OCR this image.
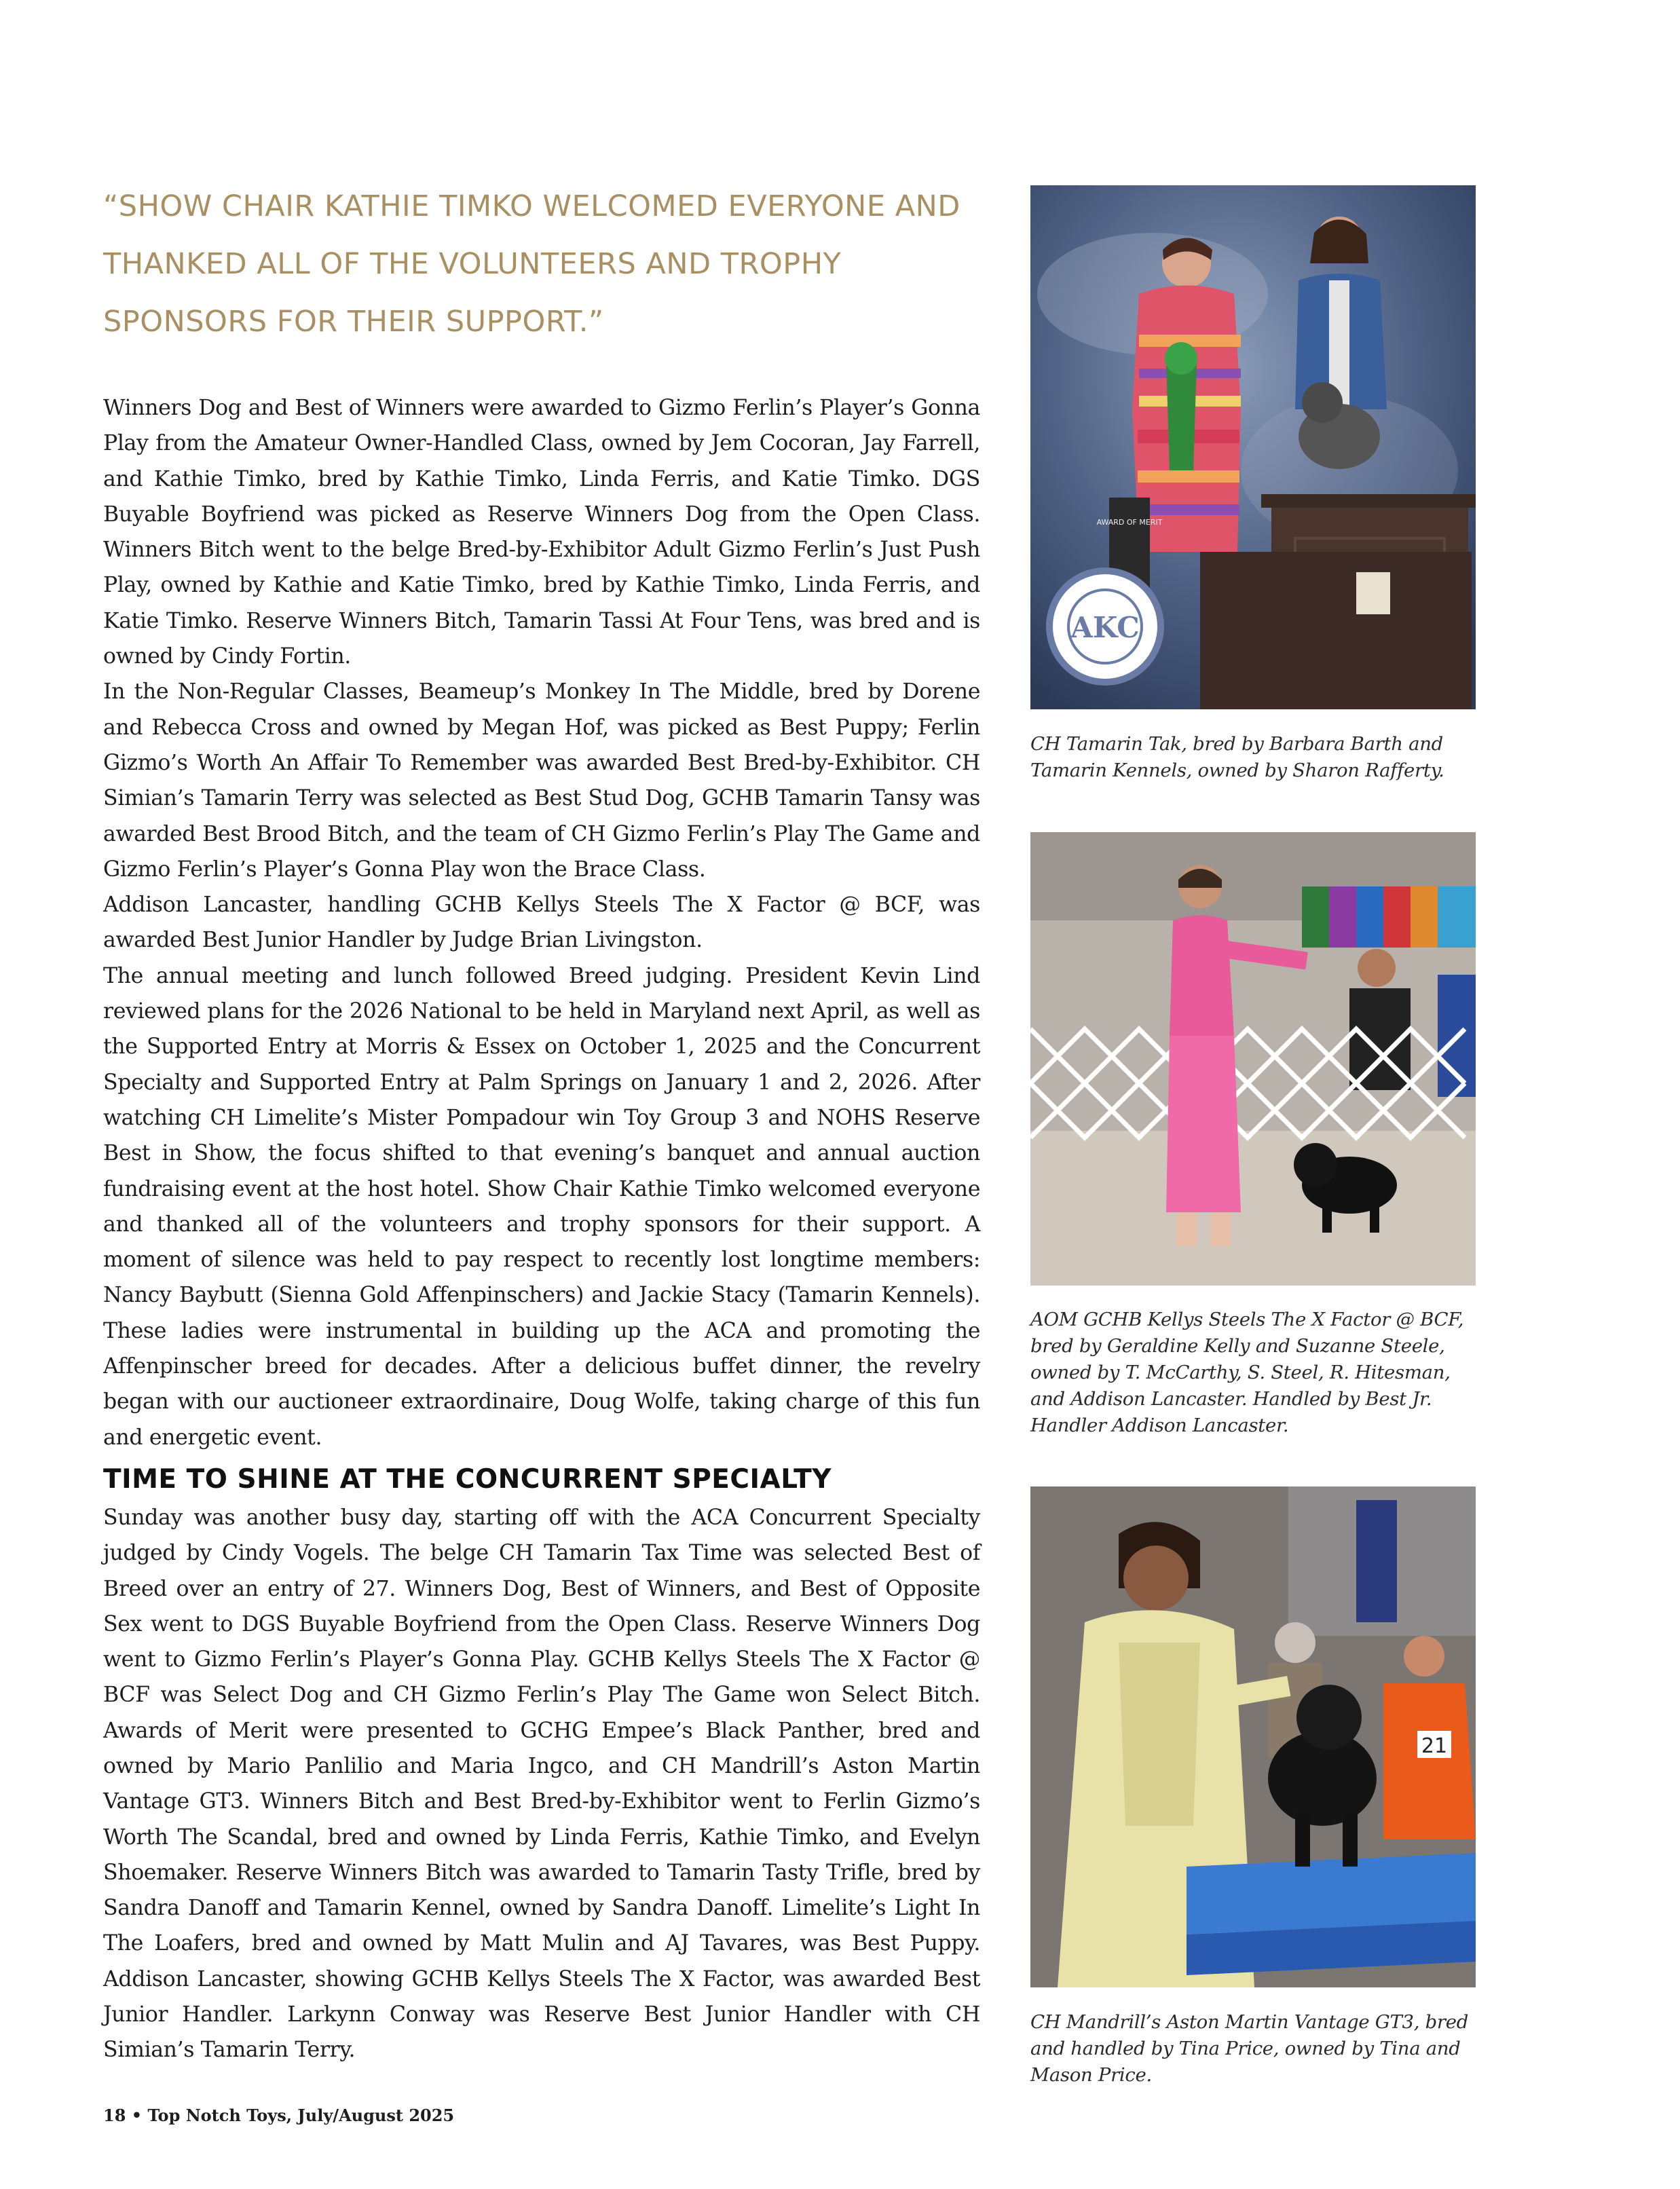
“SHOW CHAIR KATHIE TIMKO WELCOMED EVERYONE AND THANKED ALL OF THE VOLUNTEERS AND TROPHY SPONSORS FOR THEIR SUPPORT.”

Winners Dog and Best of Winners were awarded to Gizmo Ferlin’s Player’s Gonna Play from the Amateur Owner-Handled Class, owned by Jem Cocoran, Jay Farrell, and Kathie Timko, bred by Kathie Timko, Linda Ferris, and Katie Timko. DGS Buyable Boyfriend was picked as Reserve Winners Dog from the Open Class. Winners Bitch went to the belge Bred-by-Exhibitor Adult Gizmo Ferlin’s Just Push Play, owned by Kathie and Katie Timko, bred by Kathie Timko, Linda Ferris, and Katie Timko. Reserve Winners Bitch, Tamarin Tassi At Four Tens, was bred and is owned by Cindy Fortin.

In the Non-Regular Classes, Beameup’s Monkey In The Middle, bred by Dorene and Rebecca Cross and owned by Megan Hof, was picked as Best Puppy; Ferlin Gizmo’s Worth An Affair To Remember was awarded Best Bred-by-Exhibitor. CH Simian’s Tamarin Terry was selected as Best Stud Dog, GCHB Tamarin Tansy was awarded Best Brood Bitch, and the team of CH Gizmo Ferlin’s Play The Game and Gizmo Ferlin’s Player’s Gonna Play won the Brace Class.

Addison Lancaster, handling GCHB Kellys Steels The X Factor @ BCF, was awarded Best Junior Handler by Judge Brian Livingston.

The annual meeting and lunch followed Breed judging. President Kevin Lind reviewed plans for the 2026 National to be held in Maryland next April, as well as the Supported Entry at Morris & Essex on October 1, 2025 and the Concurrent Specialty and Supported Entry at Palm Springs on January 1 and 2, 2026. After watching CH Limelite’s Mister Pompadour win Toy Group 3 and NOHS Reserve Best in Show, the focus shifted to that evening’s banquet and annual auction fundraising event at the host hotel. Show Chair Kathie Timko welcomed everyone and thanked all of the volunteers and trophy sponsors for their support. A moment of silence was held to pay respect to recently lost longtime members: Nancy Baybutt (Sienna Gold Affenpinschers) and Jackie Stacy (Tamarin Kennels). These ladies were instrumental in building up the ACA and promoting the Affenpinscher breed for decades. After a delicious buffet dinner, the revelry began with our auctioneer extraordinaire, Doug Wolfe, taking charge of this fun and energetic event.

TIME TO SHINE AT THE CONCURRENT SPECIALTY

Sunday was another busy day, starting off with the ACA Concurrent Specialty judged by Cindy Vogels. The belge CH Tamarin Tax Time was selected Best of Breed over an entry of 27. Winners Dog, Best of Winners, and Best of Opposite Sex went to DGS Buyable Boyfriend from the Open Class. Reserve Winners Dog went to Gizmo Ferlin’s Player’s Gonna Play. GCHB Kellys Steels The X Factor @ BCF was Select Dog and CH Gizmo Ferlin’s Play The Game won Select Bitch. Awards of Merit were presented to GCHG Empee’s Black Panther, bred and owned by Mario Panlilio and Maria Ingco, and CH Mandrill’s Aston Martin Vantage GT3. Winners Bitch and Best Bred-by-Exhibitor went to Ferlin Gizmo’s Worth The Scandal, bred and owned by Linda Ferris, Kathie Timko, and Evelyn Shoemaker. Reserve Winners Bitch was awarded to Tamarin Tasty Trifle, bred by Sandra Danoff and Tamarin Kennel, owned by Sandra Danoff. Limelite’s Light In The Loafers, bred and owned by Matt Mulin and AJ Tavares, was Best Puppy. Addison Lancaster, showing GCHB Kellys Steels The X Factor, was awarded Best Junior Handler. Larkynn Conway was Reserve Best Junior Handler with CH Simian’s Tamarin Terry.

18 • Top Notch Toys, July/August 2025
AWARD OF MERIT
AKC
CH Tamarin Tak, bred by Barbara Barth and Tamarin Kennels, owned by Sharon Rafferty.
AOM GCHB Kellys Steels The X Factor @ BCF, bred by Geraldine Kelly and Suzanne Steele, owned by T. McCarthy, S. Steel, R. Hitesman, and Addison Lancaster. Handled by Best Jr. Handler Addison Lancaster.
21
CH Mandrill’s Aston Martin Vantage GT3, bred and handled by Tina Price, owned by Tina and Mason Price.
